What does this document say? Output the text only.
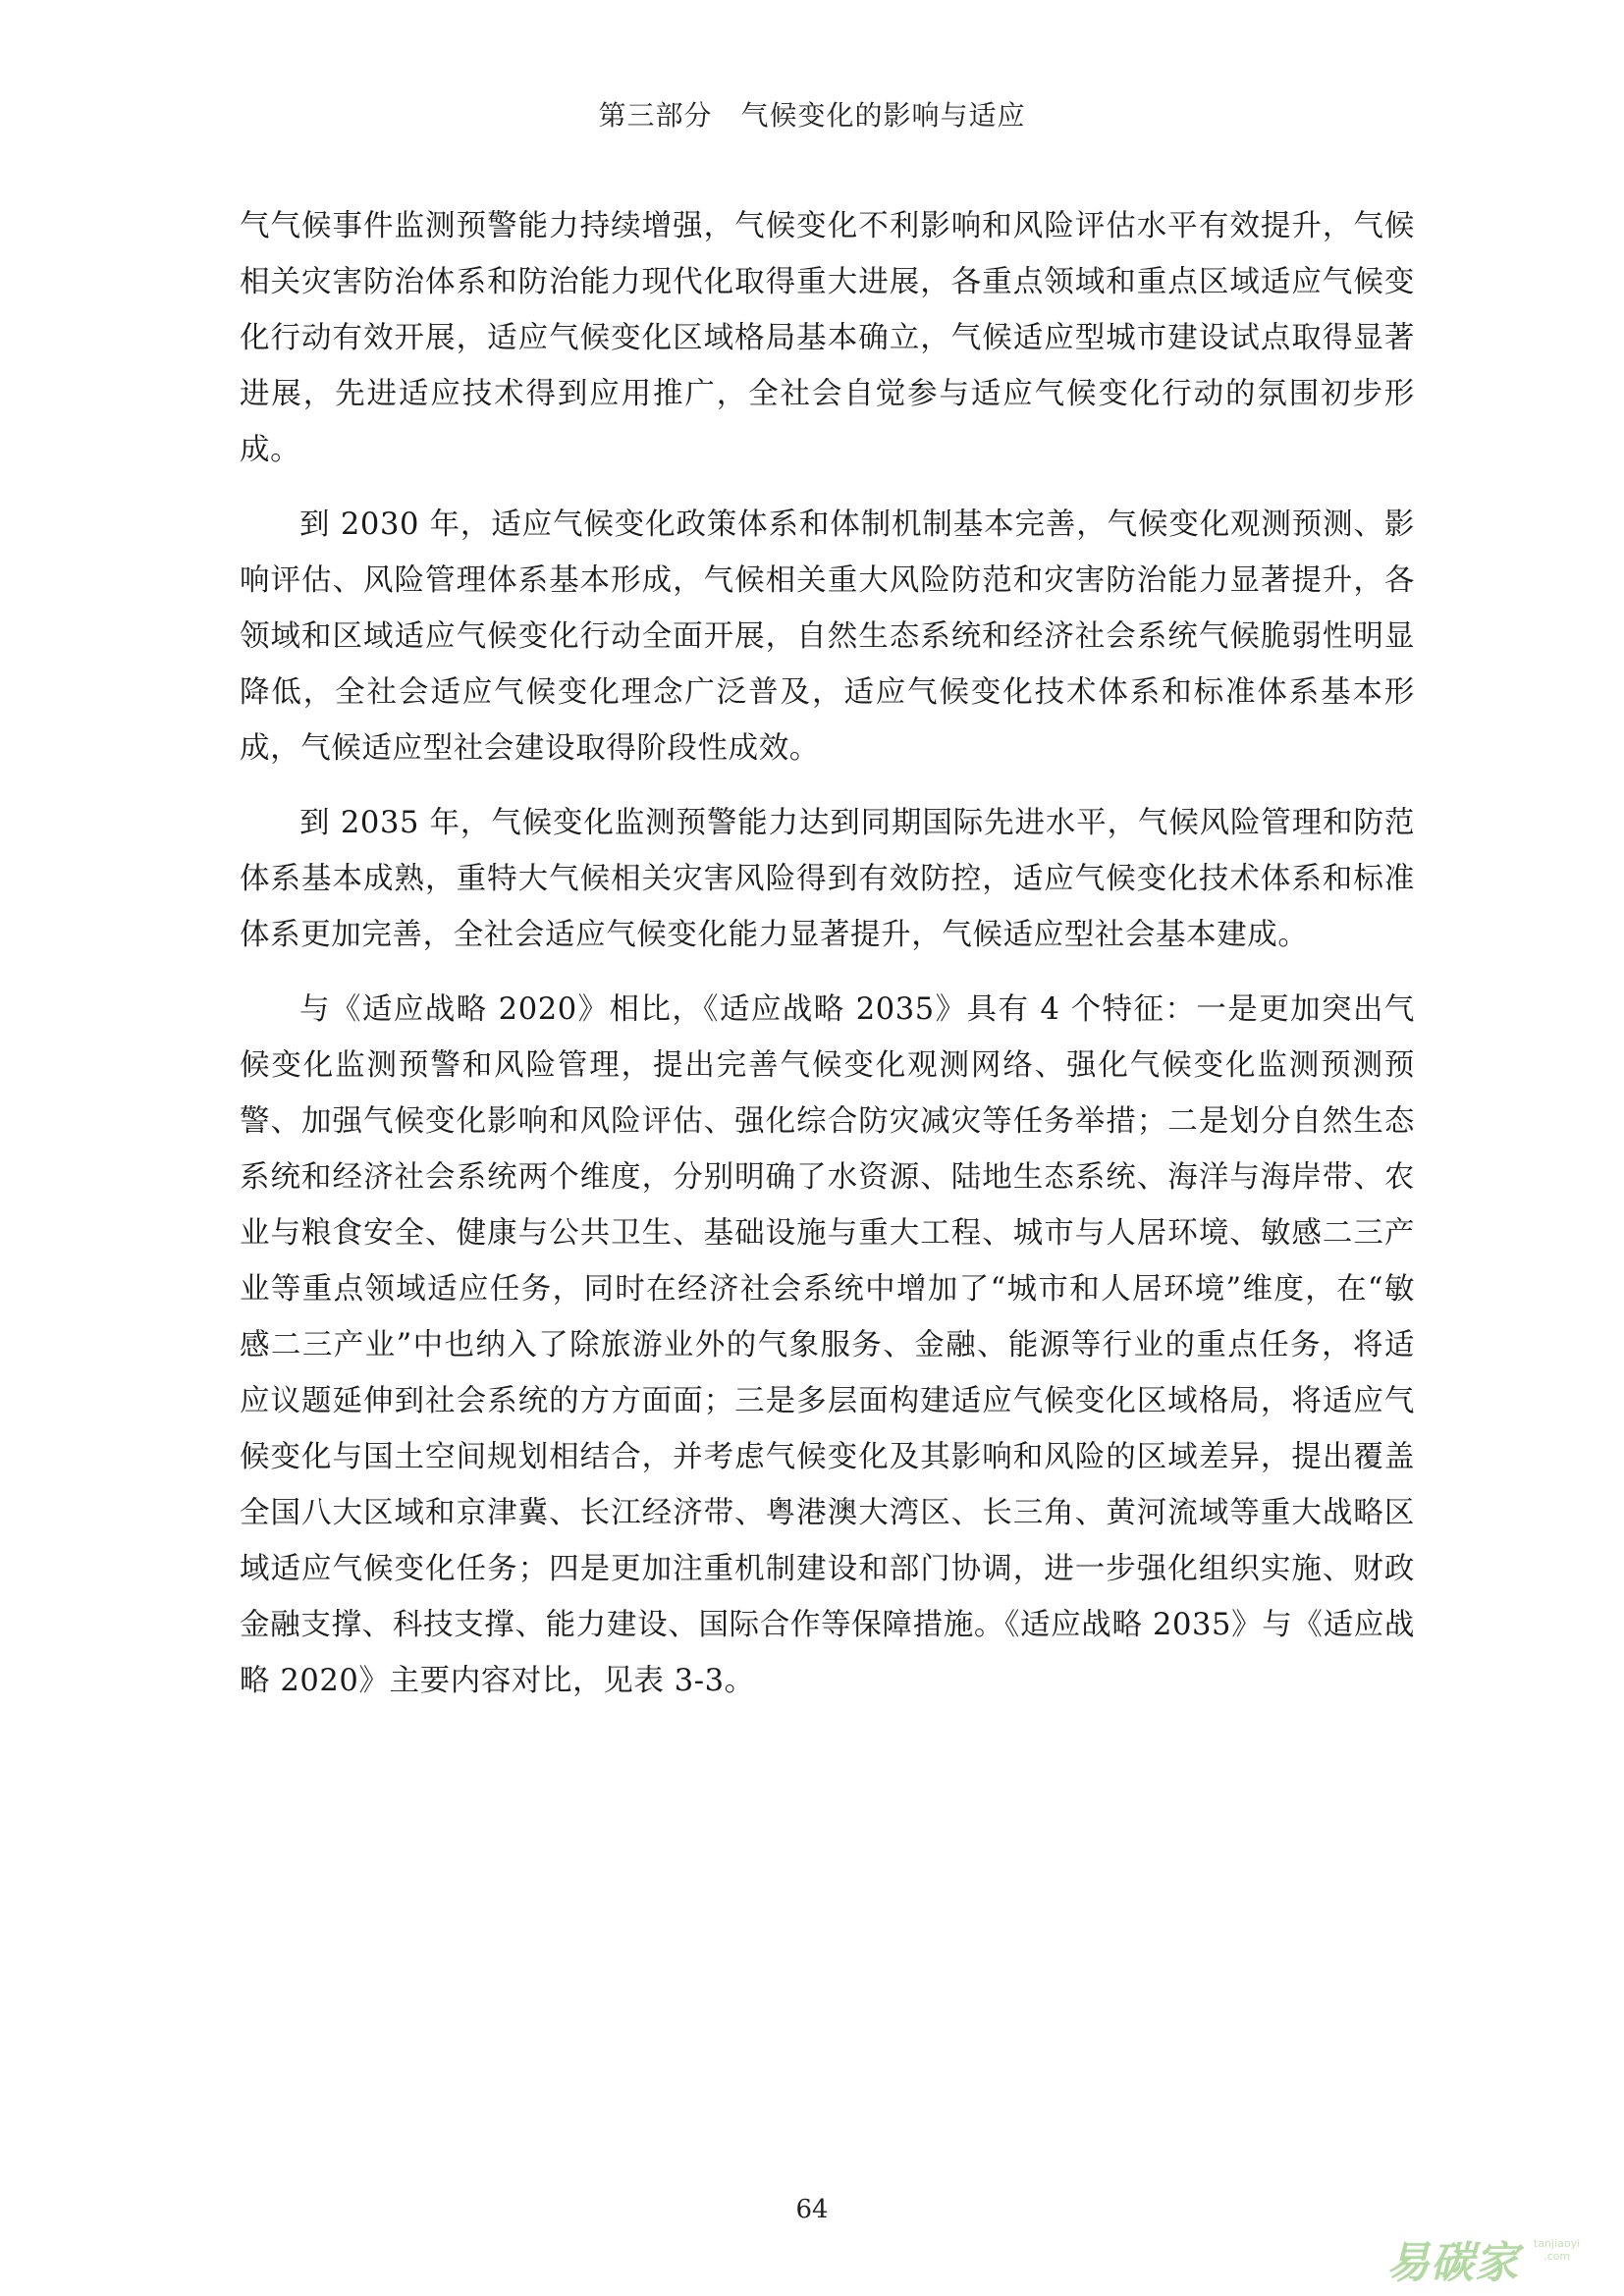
第三部分　气候变化的影响与适应

气气候事件监测预警能力持续增强，气候变化不利影响和风险评估水平有效提升，气候相关灾害防治体系和防治能力现代化取得重大进展，各重点领域和重点区域适应气候变化行动有效开展，适应气候变化区域格局基本确立，气候适应型城市建设试点取得显著进展，先进适应技术得到应用推广，全社会自觉参与适应气候变化行动的氛围初步形成。

到 2030 年，适应气候变化政策体系和体制机制基本完善，气候变化观测预测、影响评估、风险管理体系基本形成，气候相关重大风险防范和灾害防治能力显著提升，各领域和区域适应气候变化行动全面开展，自然生态系统和经济社会系统气候脆弱性明显降低，全社会适应气候变化理念广泛普及，适应气候变化技术体系和标准体系基本形成，气候适应型社会建设取得阶段性成效。

到 2035 年，气候变化监测预警能力达到同期国际先进水平，气候风险管理和防范体系基本成熟，重特大气候相关灾害风险得到有效防控，适应气候变化技术体系和标准体系更加完善，全社会适应气候变化能力显著提升，气候适应型社会基本建成。

与《适应战略 2020》相比，《适应战略 2035》具有 4 个特征：一是更加突出气候变化监测预警和风险管理，提出完善气候变化观测网络、强化气候变化监测预测预警、加强气候变化影响和风险评估、强化综合防灾减灾等任务举措；二是划分自然生态系统和经济社会系统两个维度，分别明确了水资源、陆地生态系统、海洋与海岸带、农业与粮食安全、健康与公共卫生、基础设施与重大工程、城市与人居环境、敏感二三产业等重点领域适应任务，同时在经济社会系统中增加了“城市和人居环境”维度，在“敏感二三产业”中也纳入了除旅游业外的气象服务、金融、能源等行业的重点任务，将适应议题延伸到社会系统的方方面面；三是多层面构建适应气候变化区域格局，将适应气候变化与国土空间规划相结合，并考虑气候变化及其影响和风险的区域差异，提出覆盖全国八大区域和京津冀、长江经济带、粤港澳大湾区、长三角、黄河流域等重大战略区域适应气候变化任务；四是更加注重机制建设和部门协调，进一步强化组织实施、财政金融支撑、科技支撑、能力建设、国际合作等保障措施。《适应战略 2035》与《适应战略 2020》主要内容对比，见表 3-3。

64
易碳家 tanjiaoyi
.com
